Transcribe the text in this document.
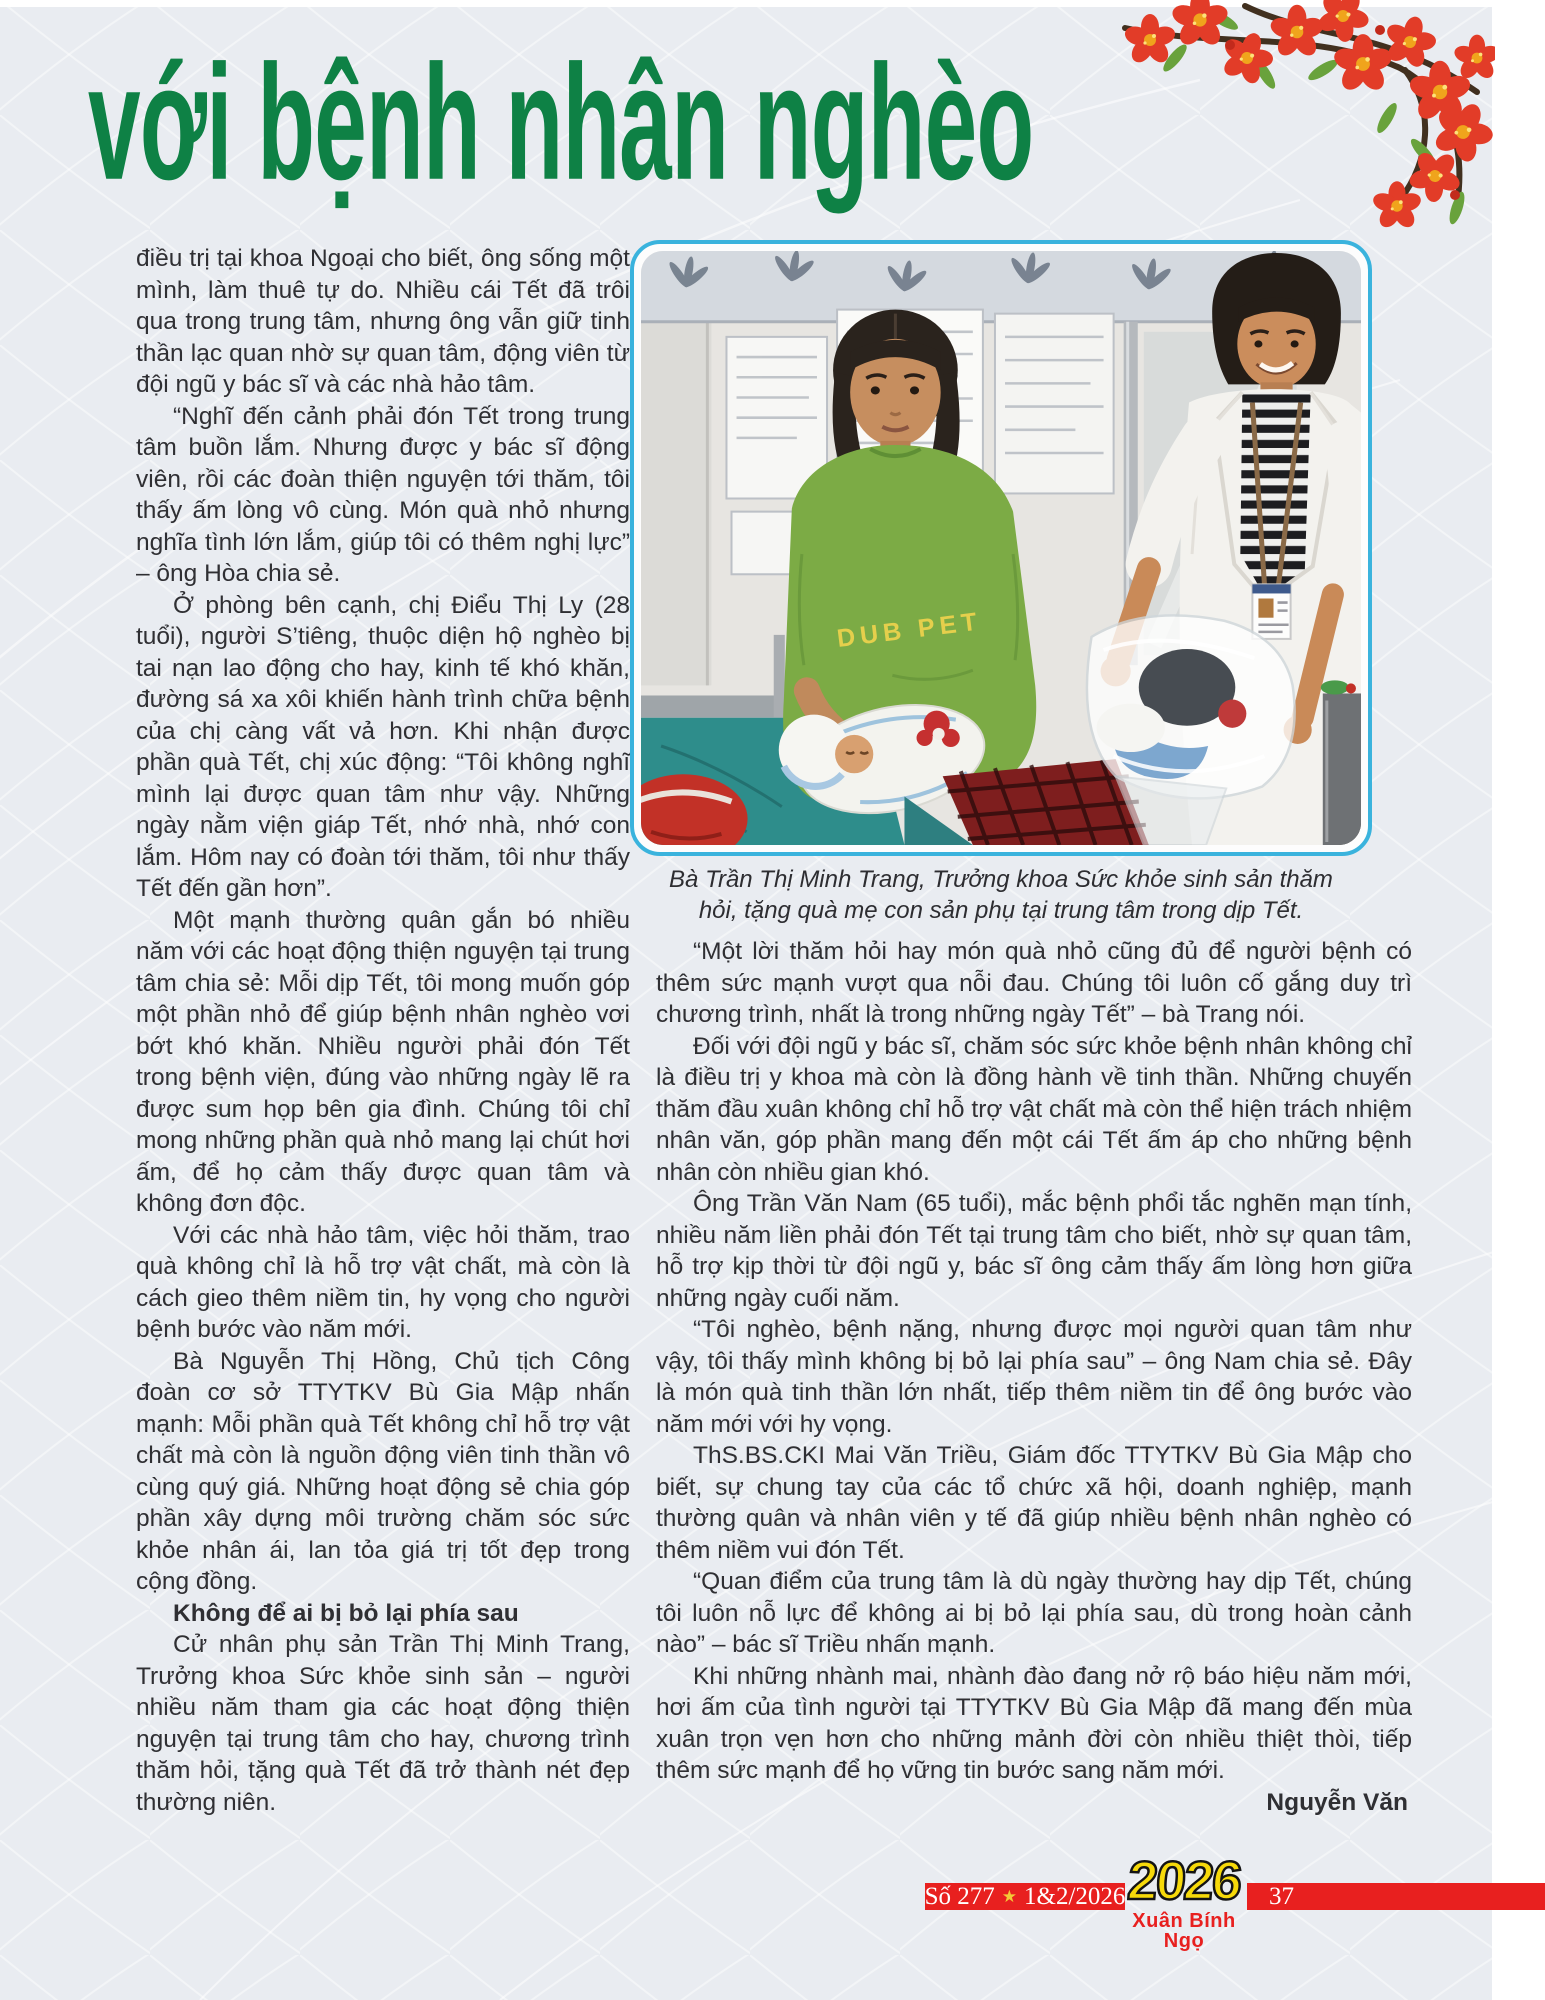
với bệnh nhân nghèo

điều trị tại khoa Ngoại cho biết, ông sống một mình, làm thuê tự do. Nhiều cái Tết đã trôi qua trong trung tâm, nhưng ông vẫn giữ tinh thần lạc quan nhờ sự quan tâm, động viên từ đội ngũ y bác sĩ và các nhà hảo tâm.

“Nghĩ đến cảnh phải đón Tết trong trung tâm buồn lắm. Nhưng được y bác sĩ động viên, rồi các đoàn thiện nguyện tới thăm, tôi thấy ấm lòng vô cùng. Món quà nhỏ nhưng nghĩa tình lớn lắm, giúp tôi có thêm nghị lực” – ông Hòa chia sẻ.

Ở phòng bên cạnh, chị Điểu Thị Ly (28 tuổi), người S’tiêng, thuộc diện hộ nghèo bị tai nạn lao động cho hay, kinh tế khó khăn, đường sá xa xôi khiến hành trình chữa bệnh của chị càng vất vả hơn. Khi nhận được phần quà Tết, chị xúc động: “Tôi không nghĩ mình lại được quan tâm như vậy. Những ngày nằm viện giáp Tết, nhớ nhà, nhớ con lắm. Hôm nay có đoàn tới thăm, tôi như thấy Tết đến gần hơn”.

Một mạnh thường quân gắn bó nhiều năm với các hoạt động thiện nguyện tại trung tâm chia sẻ: Mỗi dịp Tết, tôi mong muốn góp một phần nhỏ để giúp bệnh nhân nghèo vơi bớt khó khăn. Nhiều người phải đón Tết trong bệnh viện, đúng vào những ngày lẽ ra được sum họp bên gia đình. Chúng tôi chỉ mong những phần quà nhỏ mang lại chút hơi ấm, để họ cảm thấy được quan tâm và không đơn độc.

Với các nhà hảo tâm, việc hỏi thăm, trao quà không chỉ là hỗ trợ vật chất, mà còn là cách gieo thêm niềm tin, hy vọng cho người bệnh bước vào năm mới.

Bà Nguyễn Thị Hồng, Chủ tịch Công đoàn cơ sở TTYTKV Bù Gia Mập nhấn mạnh: Mỗi phần quà Tết không chỉ hỗ trợ vật chất mà còn là nguồn động viên tinh thần vô cùng quý giá. Những hoạt động sẻ chia góp phần xây dựng môi trường chăm sóc sức khỏe nhân ái, lan tỏa giá trị tốt đẹp trong cộng đồng.

Không để ai bị bỏ lại phía sau

Cử nhân phụ sản Trần Thị Minh Trang, Trưởng khoa Sức khỏe sinh sản – người nhiều năm tham gia các hoạt động thiện nguyện tại trung tâm cho hay, chương trình thăm hỏi, tặng quà Tết đã trở thành nét đẹp thường niên.

DUB PET
Bà Trần Thị Minh Trang, Trưởng khoa Sức khỏe sinh sản thăm hỏi, tặng quà mẹ con sản phụ tại trung tâm trong dịp Tết.

“Một lời thăm hỏi hay món quà nhỏ cũng đủ để người bệnh có thêm sức mạnh vượt qua nỗi đau. Chúng tôi luôn cố gắng duy trì chương trình, nhất là trong những ngày Tết” – bà Trang nói.

Đối với đội ngũ y bác sĩ, chăm sóc sức khỏe bệnh nhân không chỉ là điều trị y khoa mà còn là đồng hành về tinh thần. Những chuyến thăm đầu xuân không chỉ hỗ trợ vật chất mà còn thể hiện trách nhiệm nhân văn, góp phần mang đến một cái Tết ấm áp cho những bệnh nhân còn nhiều gian khó.

Ông Trần Văn Nam (65 tuổi), mắc bệnh phổi tắc nghẽn mạn tính, nhiều năm liền phải đón Tết tại trung tâm cho biết, nhờ sự quan tâm, hỗ trợ kịp thời từ đội ngũ y, bác sĩ ông cảm thấy ấm lòng hơn giữa những ngày cuối năm.

“Tôi nghèo, bệnh nặng, nhưng được mọi người quan tâm như vậy, tôi thấy mình không bị bỏ lại phía sau” – ông Nam chia sẻ. Đây là món quà tinh thần lớn nhất, tiếp thêm niềm tin để ông bước vào năm mới với hy vọng.

ThS.BS.CKI Mai Văn Triều, Giám đốc TTYTKV Bù Gia Mập cho biết, sự chung tay của các tổ chức xã hội, doanh nghiệp, mạnh thường quân và nhân viên y tế đã giúp nhiều bệnh nhân nghèo có thêm niềm vui đón Tết.

“Quan điểm của trung tâm là dù ngày thường hay dịp Tết, chúng tôi luôn nỗ lực để không ai bị bỏ lại phía sau, dù trong hoàn cảnh nào” – bác sĩ Triều nhấn mạnh.

Khi những nhành mai, nhành đào đang nở rộ báo hiệu năm mới, hơi ấm của tình người tại TTYTKV Bù Gia Mập đã mang đến mùa xuân trọn vẹn hơn cho những mảnh đời còn nhiều thiệt thòi, tiếp thêm sức mạnh để họ vững tin bước sang năm mới.

Nguyễn Văn

Số 277 ★ 1&2/2026 2026
Xuân Bính Ngọ
37
